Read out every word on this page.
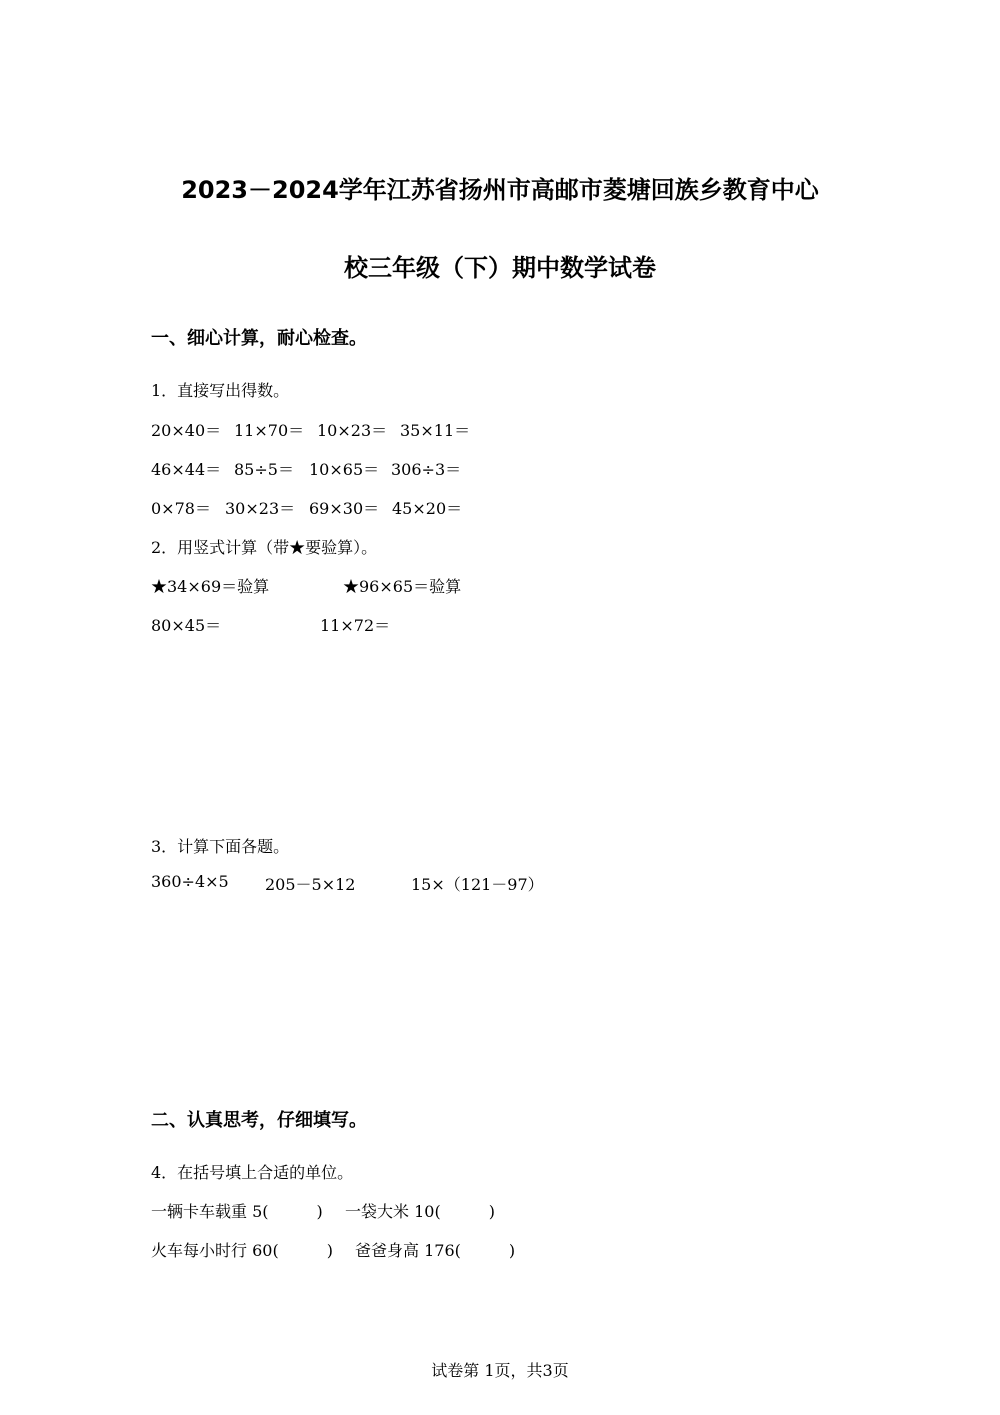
2023－2024学年江苏省扬州市高邮市菱塘回族乡教育中心
校三年级（下）期中数学试卷
一、细心计算，耐心检查。
1．直接写出得数。
20×40＝ 11×70＝ 10×23＝ 35×11＝
46×44＝ 85÷5＝ 10×65＝ 306÷3＝
0×78＝ 30×23＝ 69×30＝ 45×20＝
2．用竖式计算（带★要验算）。
★34×69＝验算	★96×65＝验算
80×45＝	11×72＝
3．计算下面各题。
360÷4×5 205－5×12	15×（121－97）
二、认真思考，仔细填写。
4．在括号填上合适的单位。
一辆卡车载重 5(　　　) 一袋大米 10(　　　)
火车每小时行 60(　　　) 爸爸身高 176(　　　)
试卷第 1页，共3页
